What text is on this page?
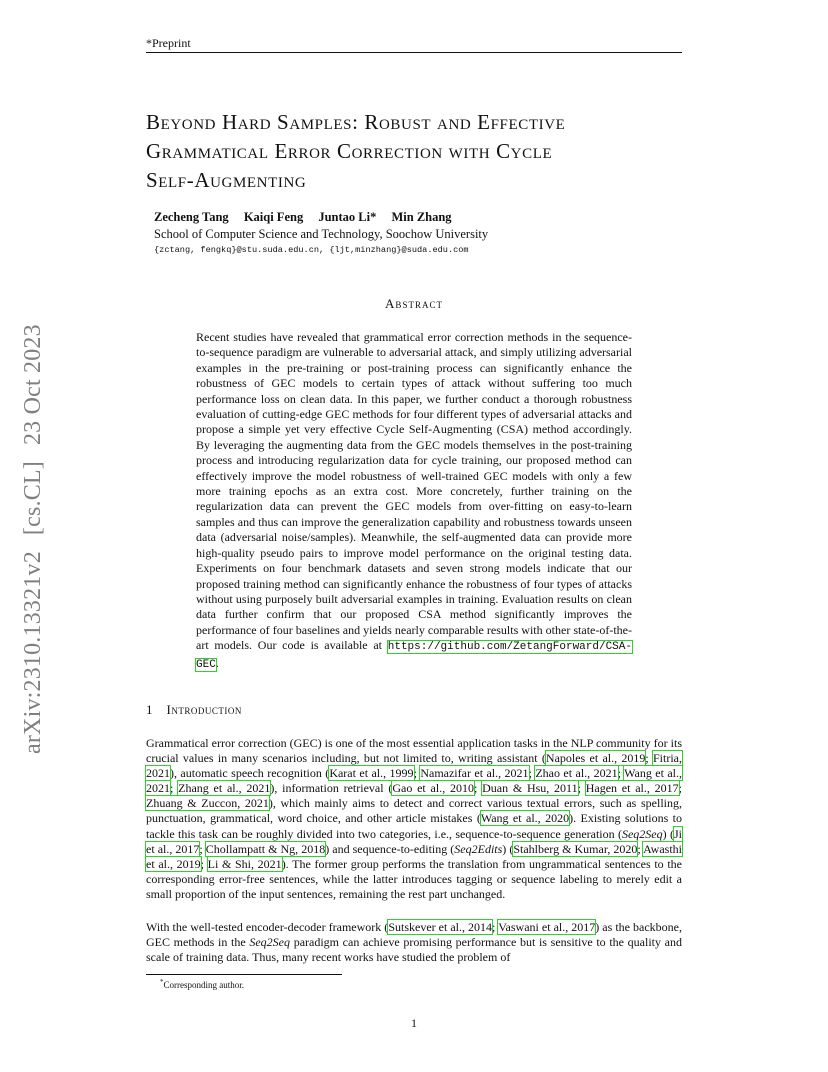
*Preprint
arXiv:2310.13321v2[cs.CL]23 Oct 2023
Beyond Hard Samples: Robust and Effective
Grammatical Error Correction with Cycle
Self-Augmenting
Zecheng Tang Kaiqi Feng Juntao Li* Min Zhang
School of Computer Science and Technology, Soochow University
{zctang, fengkq}@stu.suda.edu.cn, {ljt,minzhang}@suda.edu.com
Abstract
Recent studies have revealed that grammatical error correction methods in the sequence-to-sequence paradigm are vulnerable to adversarial attack, and simply utilizing adversarial examples in the pre-training or post-training process can significantly enhance the robustness of GEC models to certain types of attack without suffering too much performance loss on clean data. In this paper, we further conduct a thorough robustness evaluation of cutting-edge GEC methods for four different types of adversarial attacks and propose a simple yet very effective Cycle Self-Augmenting (CSA) method accordingly. By leveraging the augmenting data from the GEC models themselves in the post-training process and introducing regularization data for cycle training, our proposed method can effectively improve the model robustness of well-trained GEC models with only a few more training epochs as an extra cost. More concretely, further training on the regularization data can prevent the GEC models from over-fitting on easy-to-learn samples and thus can improve the generalization capability and robustness towards unseen data (adversarial noise/samples). Meanwhile, the self-augmented data can provide more high-quality pseudo pairs to improve model performance on the original testing data. Experiments on four benchmark datasets and seven strong models indicate that our proposed training method can significantly enhance the robustness of four types of attacks without using purposely built adversarial examples in training. Evaluation results on clean data further confirm that our proposed CSA method significantly improves the performance of four baselines and yields nearly comparable results with other state-of-the-art models. Our code is available at https://github.com/ZetangForward/CSA-GEC.
1 Introduction
Grammatical error correction (GEC) is one of the most essential application tasks in the NLP community for its crucial values in many scenarios including, but not limited to, writing assistant (Napoles et al., 2019; Fitria, 2021), automatic speech recognition (Karat et al., 1999; Namazifar et al., 2021; Zhao et al., 2021; Wang et al., 2021; Zhang et al., 2021), information retrieval (Gao et al., 2010; Duan & Hsu, 2011; Hagen et al., 2017; Zhuang & Zuccon, 2021), which mainly aims to detect and correct various textual errors, such as spelling, punctuation, grammatical, word choice, and other article mistakes (Wang et al., 2020). Existing solutions to tackle this task can be roughly divided into two categories, i.e., sequence-to-sequence generation (Seq2Seq) (Ji et al., 2017; Chollampatt & Ng, 2018) and sequence-to-editing (Seq2Edits) (Stahlberg & Kumar, 2020; Awasthi et al., 2019; Li & Shi, 2021). The former group performs the translation from ungrammatical sentences to the corresponding error-free sentences, while the latter introduces tagging or sequence labeling to merely edit a small proportion of the input sentences, remaining the rest part unchanged.
With the well-tested encoder-decoder framework (Sutskever et al., 2014; Vaswani et al., 2017) as the backbone, GEC methods in the Seq2Seq paradigm can achieve promising performance but is sensitive to the quality and scale of training data. Thus, many recent works have studied the problem of
*Corresponding author.
1
